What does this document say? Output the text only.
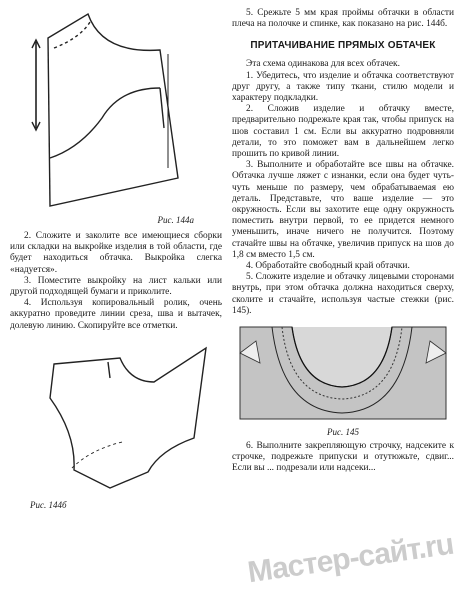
Рис. 144а

2. Сложите и заколите все имеющиеся сборки или складки на выкройке изделия в той области, где будет находиться обтачка. Выкройка слегка «надуется».

3. Поместите выкройку на лист кальки или другой подходящей бумаги и приколите.

4. Используя копировальный ролик, очень аккуратно проведите линии среза, шва и вытачек, долевую линию. Скопируйте все отметки.

Рис. 144б

5. Срежьте 5 мм края проймы обтачки в области плеча на полочке и спинке, как показано на рис. 144б.

ПРИТАЧИВАНИЕ ПРЯМЫХ ОБТАЧЕК

Эта схема одинакова для всех обтачек.

1. Убедитесь, что изделие и обтачка соответствуют друг другу, а также типу ткани, стилю модели и характеру подкладки.

2. Сложив изделие и обтачку вместе, предварительно подрежьте края так, чтобы припуск на шов составил 1 см. Если вы аккуратно подровняли детали, то это поможет вам в дальнейшем легко прошить по кривой линии.

3. Выполните и обработайте все швы на обтачке. Обтачка лучше ляжет с изнанки, если она будет чуть-чуть меньше по размеру, чем обрабатываемая ею деталь. Представьте, что ваше изделие — это окружность. Если вы захотите еще одну окружность поместить внутри первой, то ее придется немного уменьшить, иначе ничего не получится. Поэтому стачайте швы на обтачке, увеличив припуск на шов до 1,8 см вместо 1,5 см.

4. Обработайте свободный край обтачки.

5. Сложите изделие и обтачку лицевыми сторонами внутрь, при этом обтачка должна находиться сверху, сколите и стачайте, используя частые стежки (рис. 145).

Рис. 145

6. Выполните закрепляющую строчку, надсеките к строчке, подрежьте припуски и отутюжьте, сдвиг... Если вы ... подрезали или надсеки...

Мастер-сайт.ru
